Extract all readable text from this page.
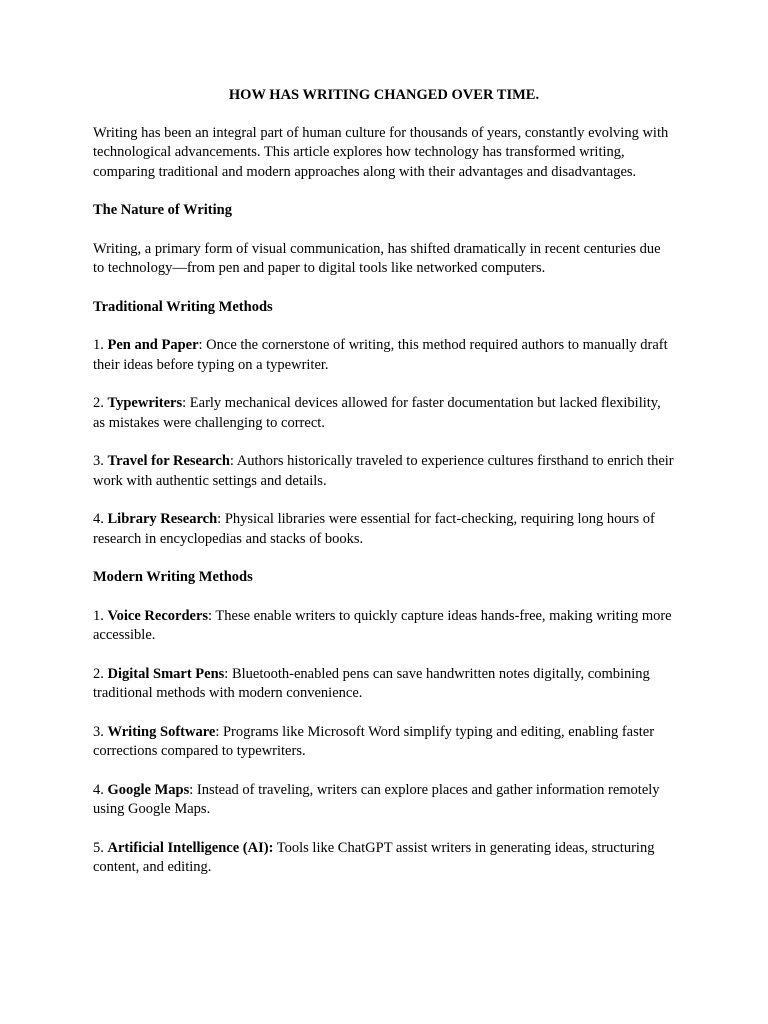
HOW HAS WRITING CHANGED OVER TIME.

Writing has been an integral part of human culture for thousands of years, constantly evolving with technological advancements. This article explores how technology has transformed writing, comparing traditional and modern approaches along with their advantages and disadvantages.

The Nature of Writing

Writing, a primary form of visual communication, has shifted dramatically in recent centuries due to technology—from pen and paper to digital tools like networked computers.

Traditional Writing Methods

1. Pen and Paper: Once the cornerstone of writing, this method required authors to manually draft their ideas before typing on a typewriter.

2. Typewriters: Early mechanical devices allowed for faster documentation but lacked flexibility, as mistakes were challenging to correct.

3. Travel for Research: Authors historically traveled to experience cultures firsthand to enrich their work with authentic settings and details.

4. Library Research: Physical libraries were essential for fact-checking, requiring long hours of research in encyclopedias and stacks of books.

Modern Writing Methods

1. Voice Recorders: These enable writers to quickly capture ideas hands-free, making writing more accessible.

2. Digital Smart Pens: Bluetooth-enabled pens can save handwritten notes digitally, combining traditional methods with modern convenience.

3. Writing Software: Programs like Microsoft Word simplify typing and editing, enabling faster corrections compared to typewriters.

4. Google Maps: Instead of traveling, writers can explore places and gather information remotely using Google Maps.

5. Artificial Intelligence (AI): Tools like ChatGPT assist writers in generating ideas, structuring content, and editing.
